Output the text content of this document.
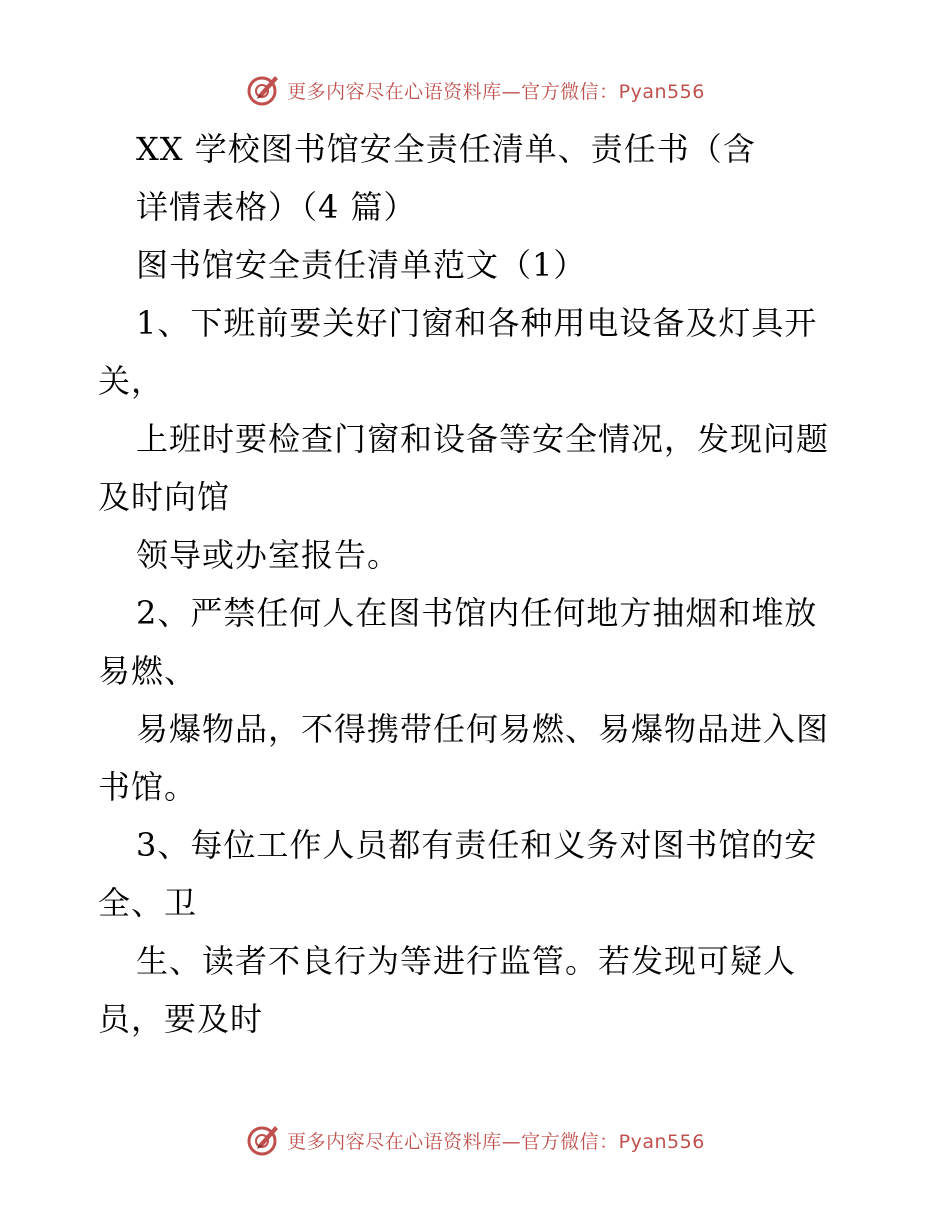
更多内容尽在心语资料库—官方微信：Pyan556
XX 学校图书馆安全责任清单、责任书（含
详情表格）（4 篇）
图书馆安全责任清单范文（1）
1、下班前要关好门窗和各种用电设备及灯具开
关，
上班时要检查门窗和设备等安全情况，发现问题
及时向馆
领导或办室报告。
2、严禁任何人在图书馆内任何地方抽烟和堆放
易燃、
易爆物品，不得携带任何易燃、易爆物品进入图
书馆。
3、每位工作人员都有责任和义务对图书馆的安
全、卫
生、读者不良行为等进行监管。若发现可疑人
员，要及时
更多内容尽在心语资料库—官方微信：Pyan556
